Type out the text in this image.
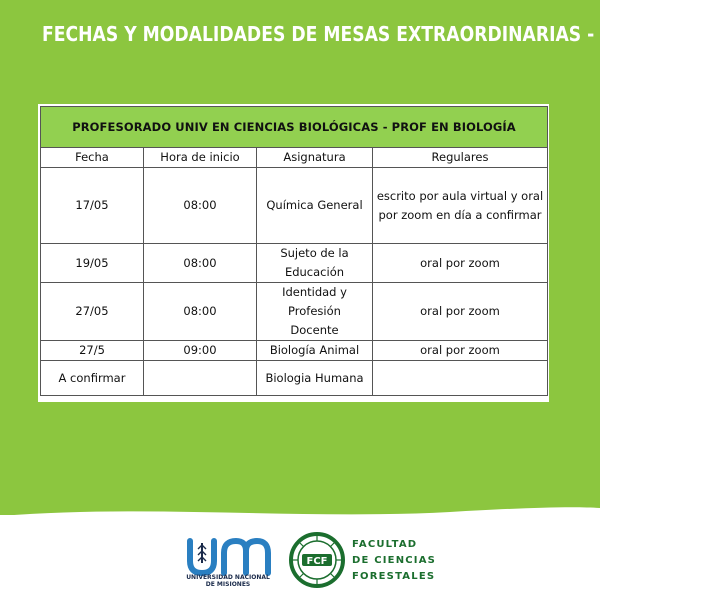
FECHAS Y MODALIDADES DE MESAS EXTRAORDINARIAS - MAYO 2021
PROFESORADO UNIV EN CIENCIAS BIOLÓGICAS - PROF EN BIOLOGÍA			
Fecha	Hora de inicio	Asignatura	Regulares
17/05	08:00	Química General	escrito por aula virtual y oral
por zoom en día a confirmar

19/05	08:00	Sujeto de la
Educación	oral por zoom

27/05	08:00	Identidad y
Profesión
Docente	oral por zoom

27/5	09:00	Biología Animal	oral por zoom

A confirmar		Biologia Humana	

UNIVERSIDAD NACIONAL
DE MISIONES
FCF
FACULTAD
DE CIENCIAS
FORESTALES
